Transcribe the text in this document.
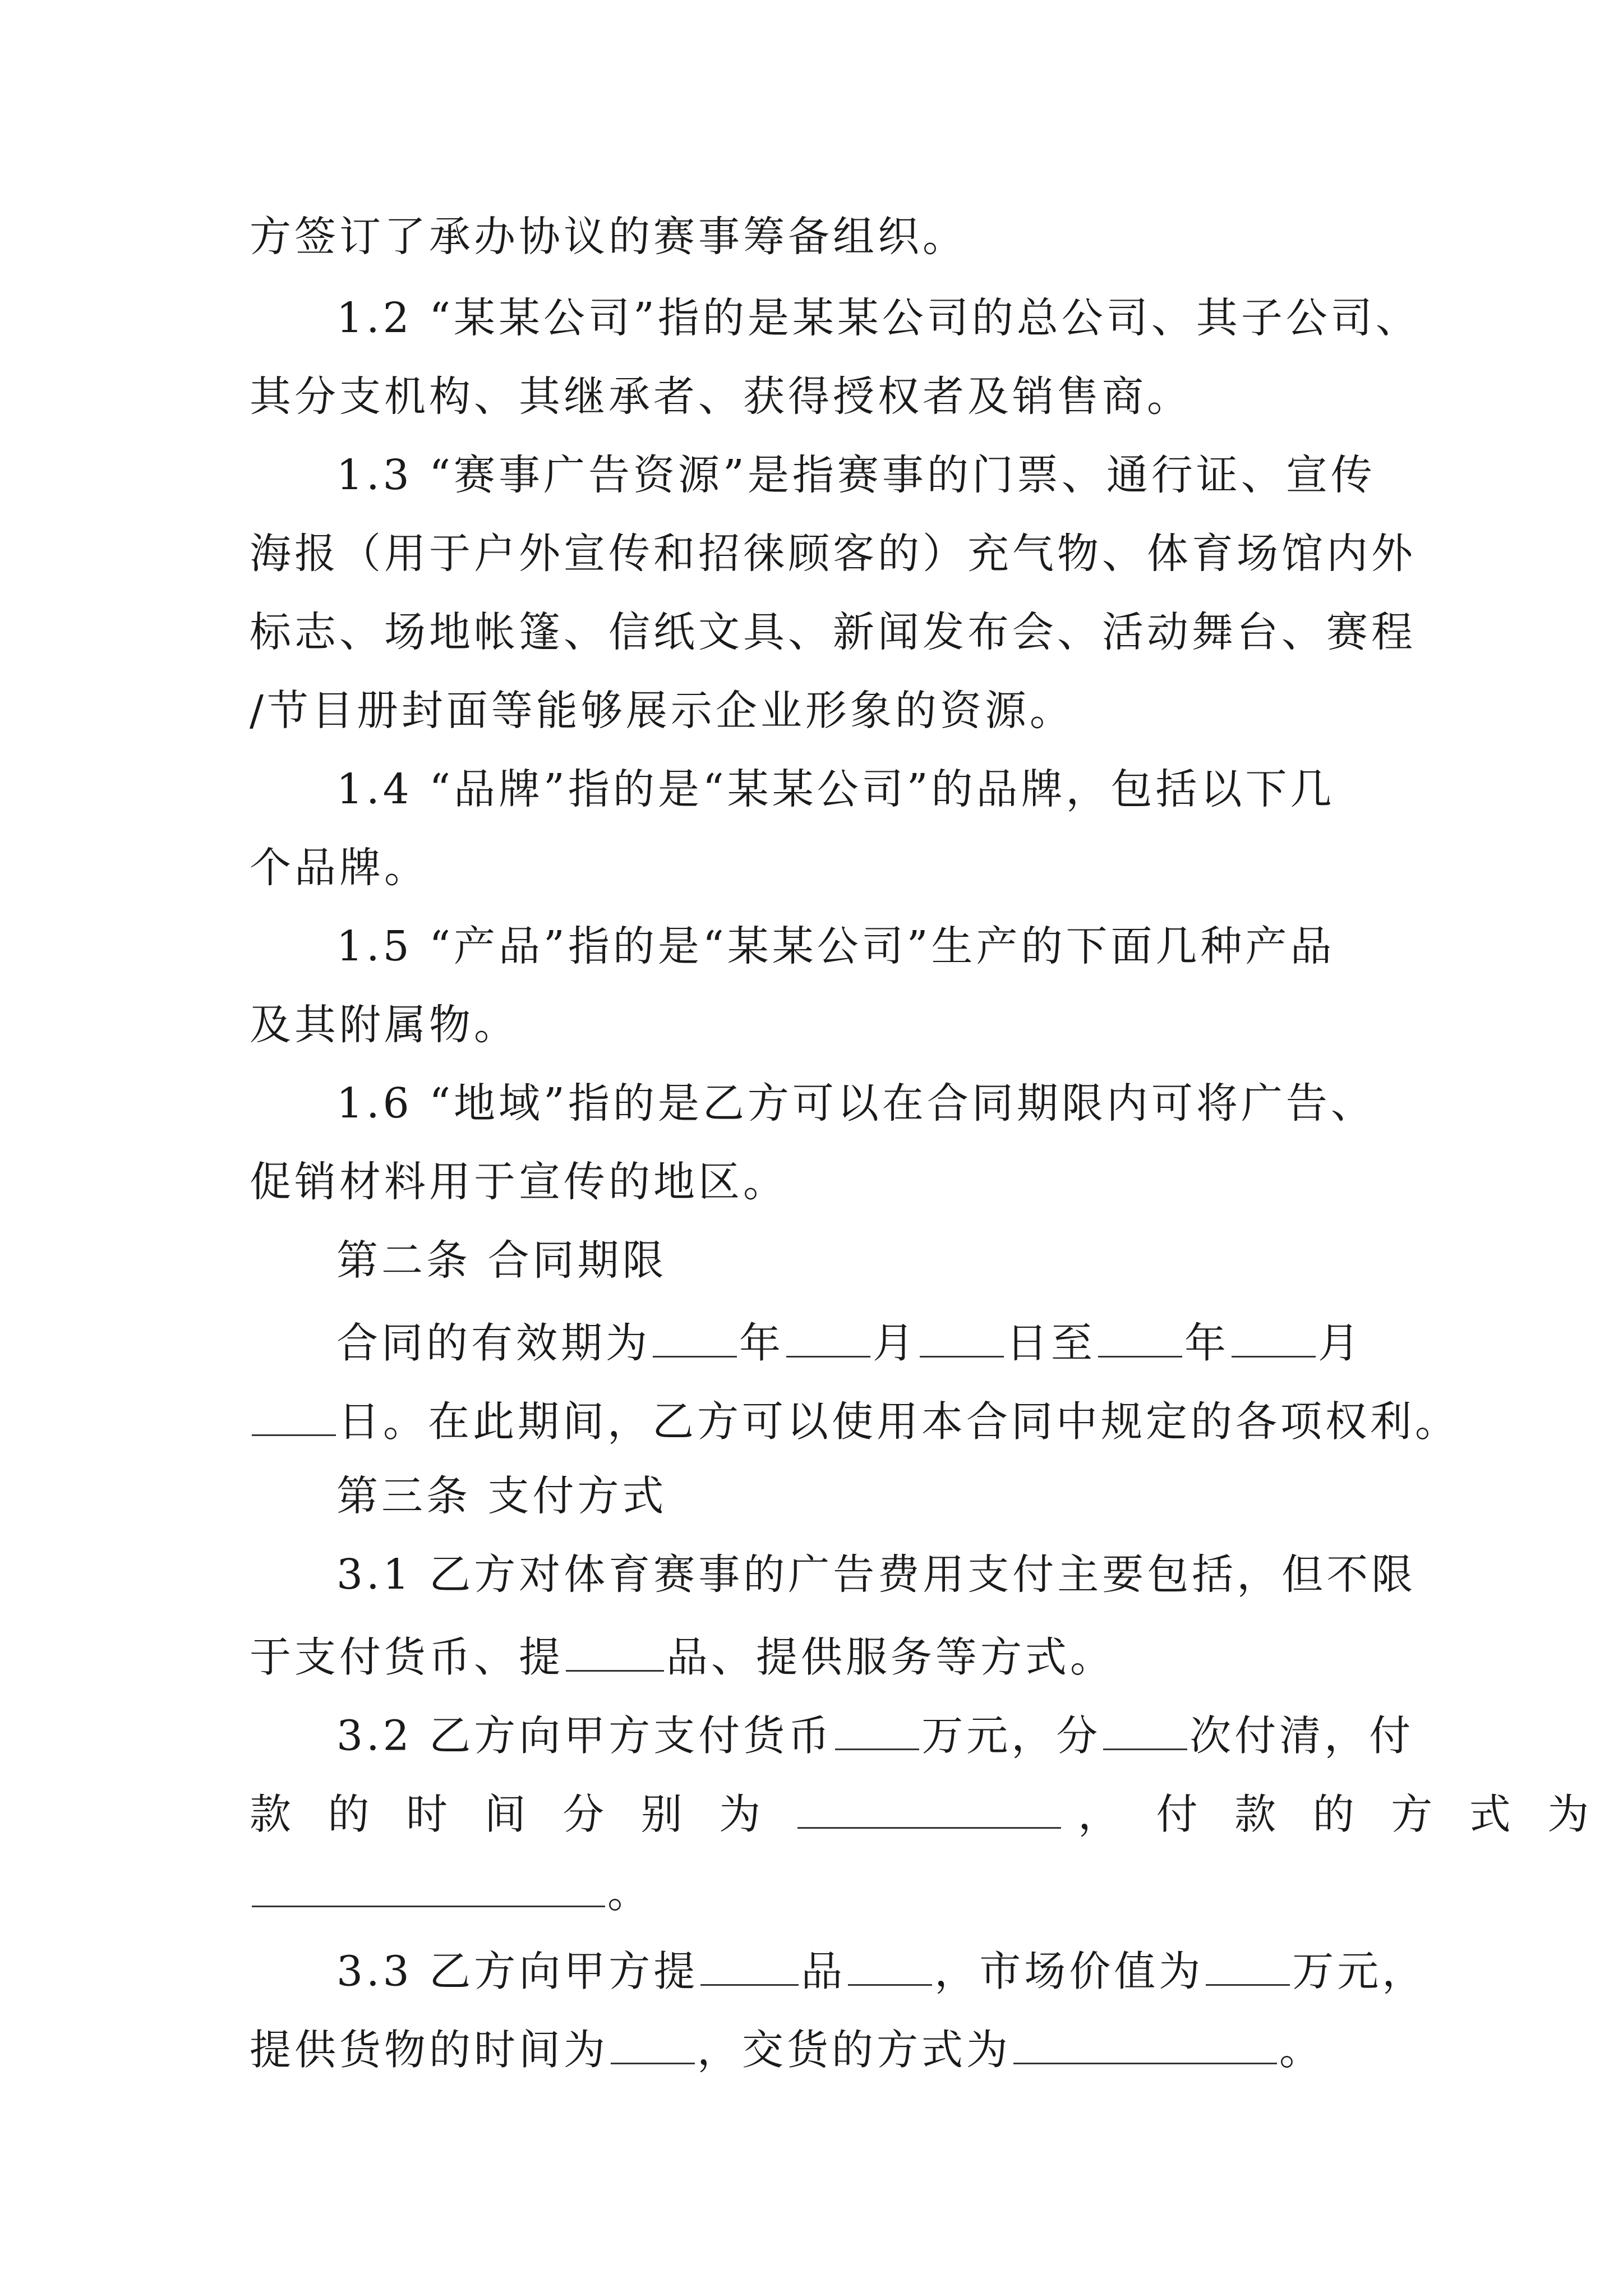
方签订了承办协议的赛事筹备组织。
1.2 “某某公司”指的是某某公司的总公司、其子公司、
其分支机构、其继承者、获得授权者及销售商。
1.3 “赛事广告资源”是指赛事的门票、通行证、宣传
海报（用于户外宣传和招徕顾客的）充气物、体育场馆内外
标志、场地帐篷、信纸文具、新闻发布会、活动舞台、赛程
/节目册封面等能够展示企业形象的资源。
1.4 “品牌”指的是“某某公司”的品牌，包括以下几
个品牌。
1.5 “产品”指的是“某某公司”生产的下面几种产品
及其附属物。
1.6 “地域”指的是乙方可以在合同期限内可将广告、
促销材料用于宣传的地区。
第二条 合同期限
合同的有效期为 年 月 日至 年 月
日。在此期间，乙方可以使用本合同中规定的各项权利。
第三条 支付方式
3.1 乙方对体育赛事的广告费用支付主要包括，但不限
于支付货币、提 品、提供服务等方式。
3.2 乙方向甲方支付货币 万元，分 次付清，付
款 的 时 间 分 别 为	， 付 款 的 方 式 为
。
3.3 乙方向甲方提 品 ，市场价值为 万元，
提供货物的时间为 ，交货的方式为	。
